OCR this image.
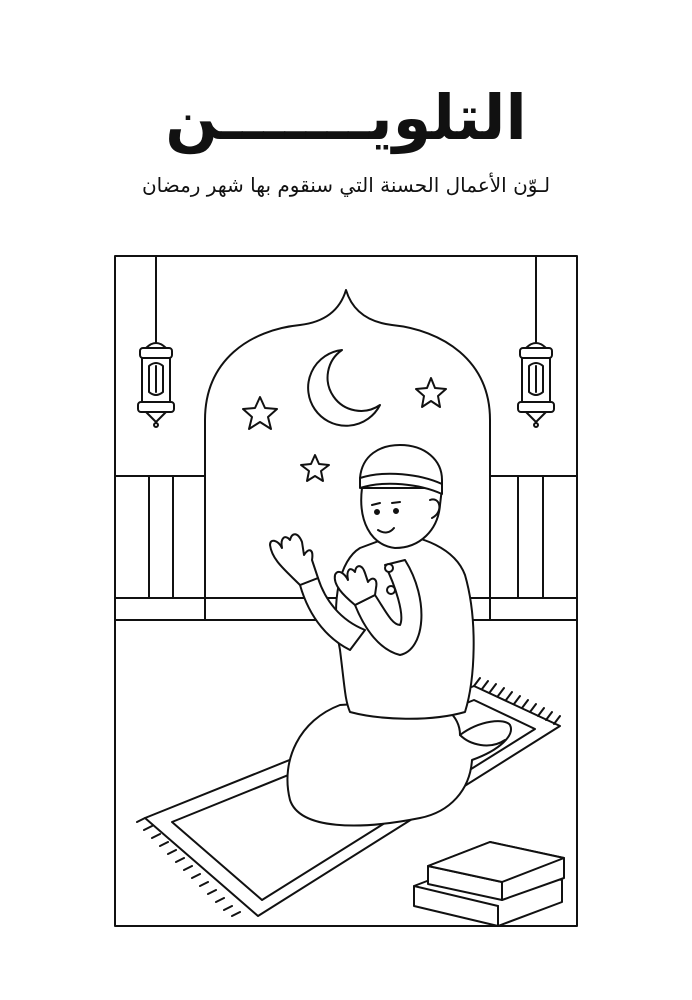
التلويـــــــن
لـوّن الأعمال الحسنة التي سنقوم بها شهر رمضان
